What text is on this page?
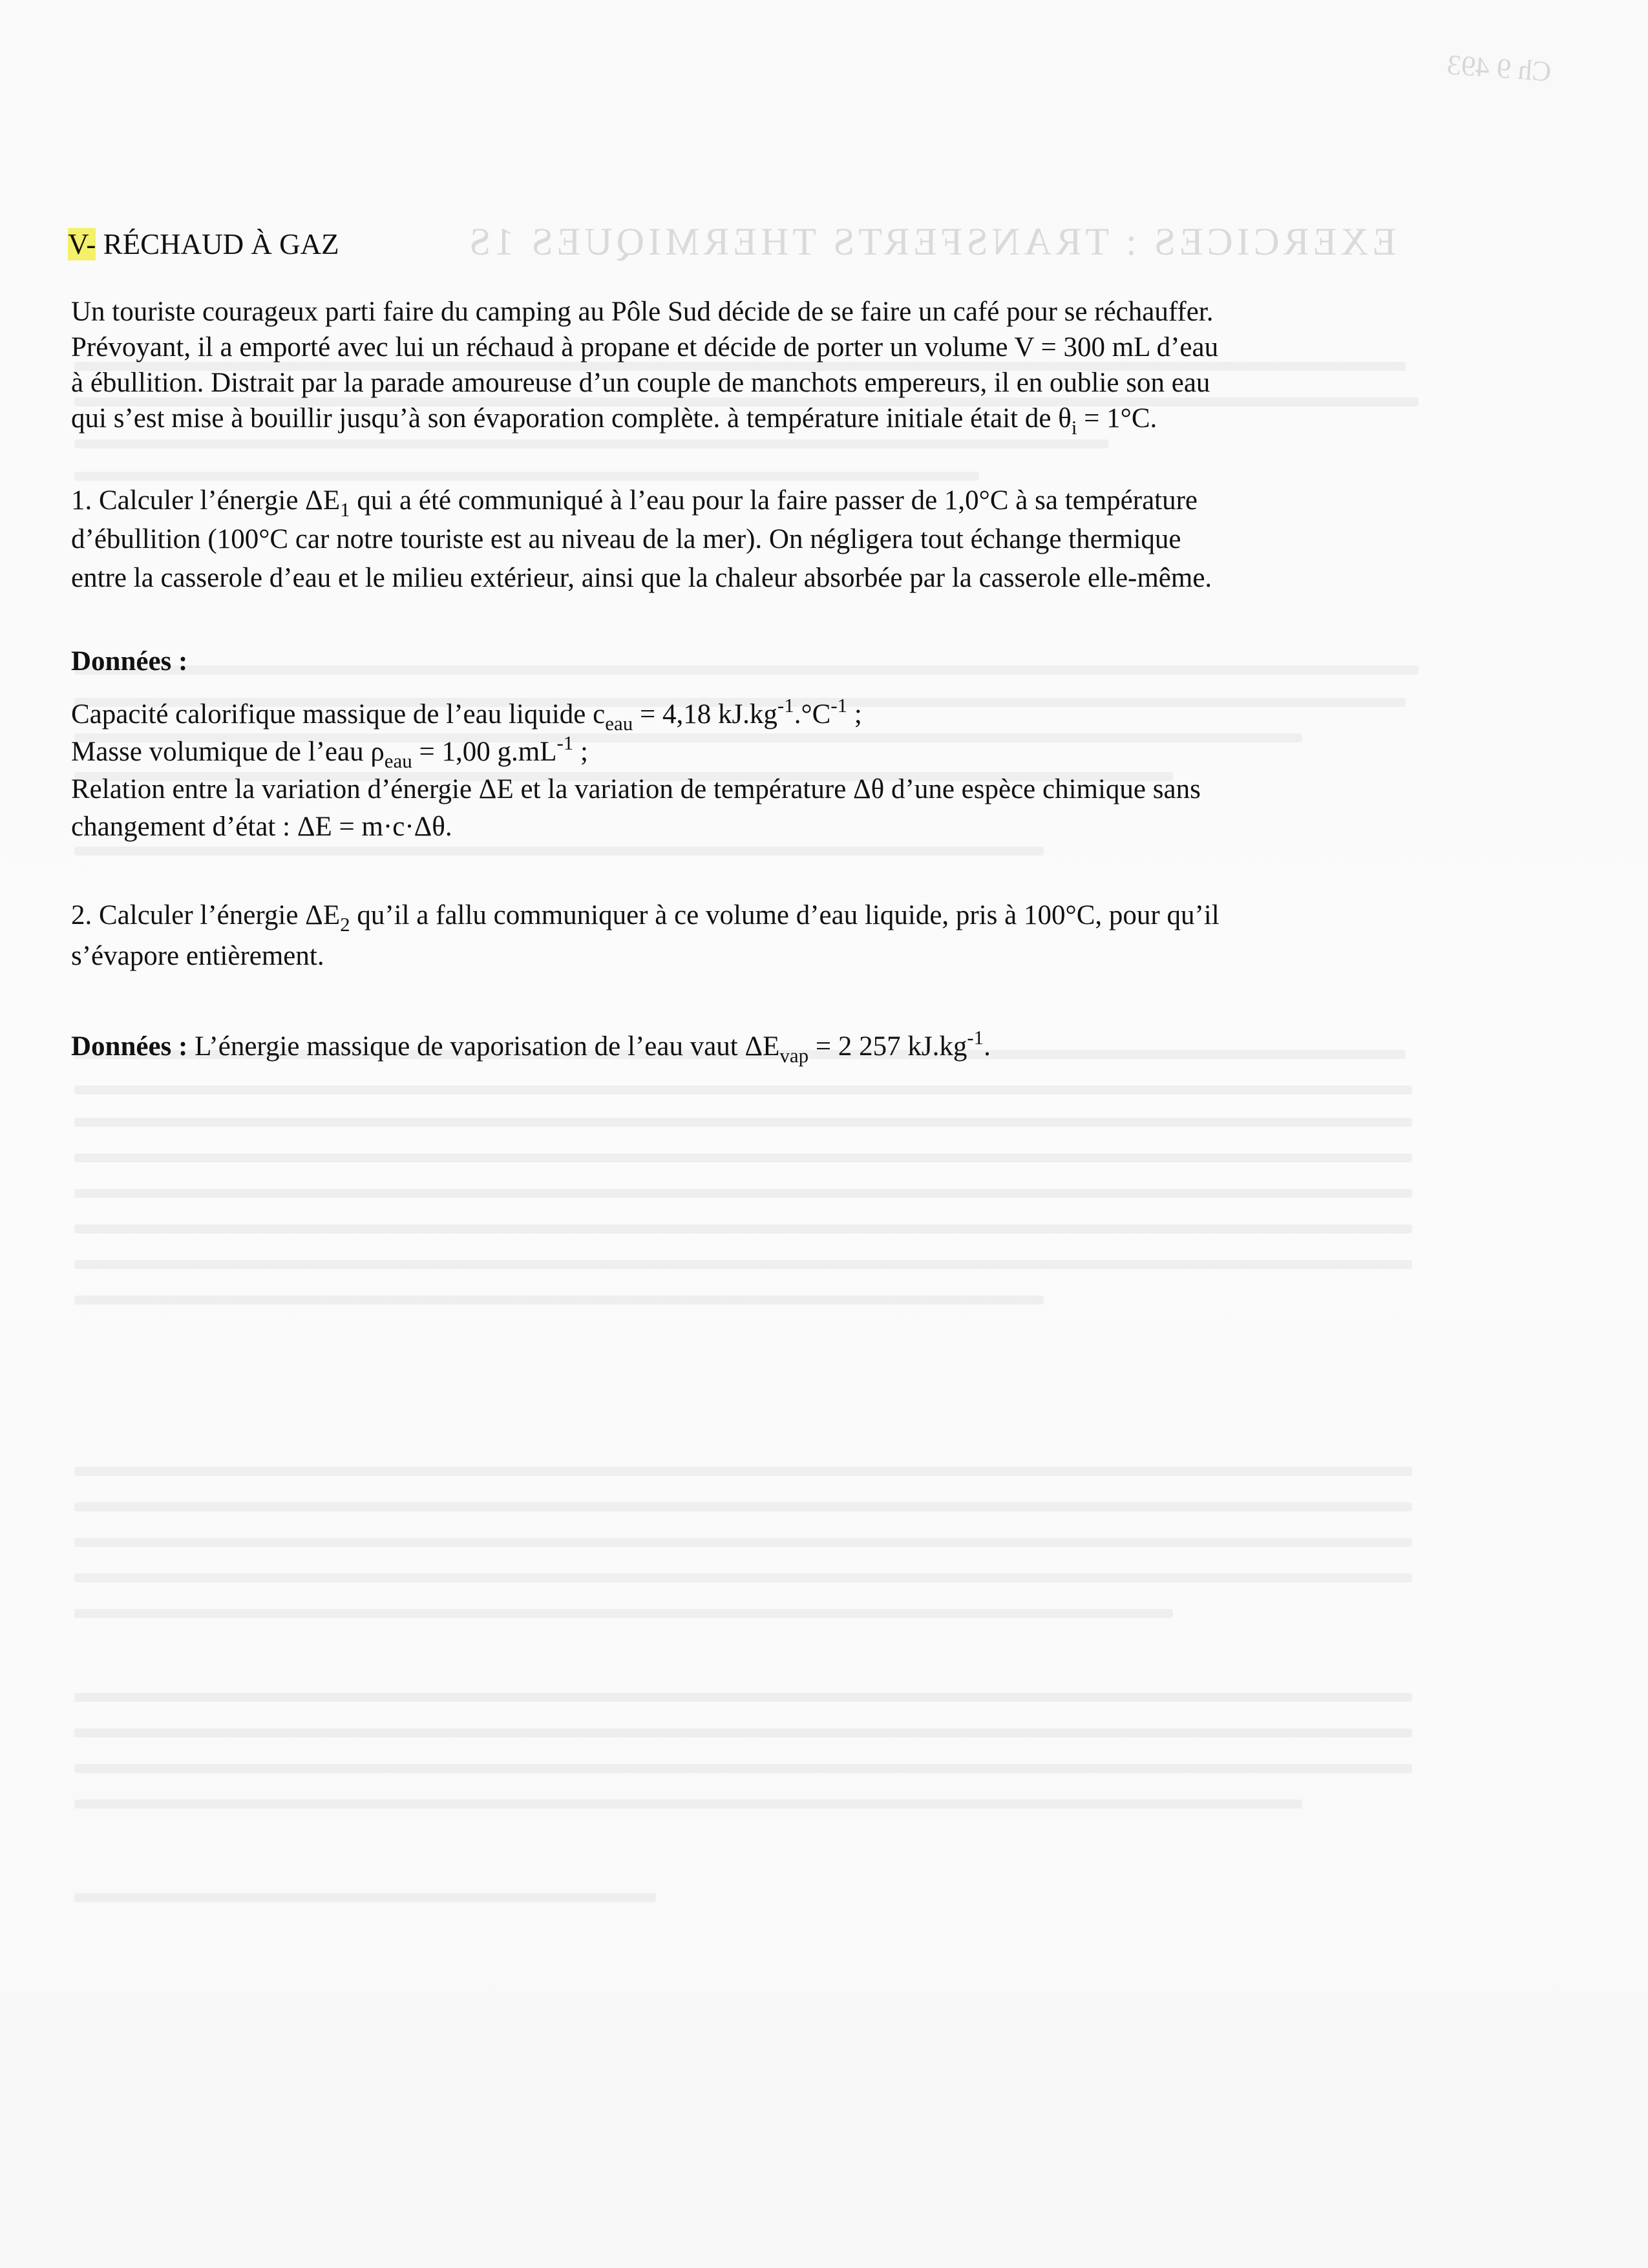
Ch 9 493
EXERCICES : TRANSFERTS THERMIQUES 1S
V- RÉCHAUD À GAZ
Un touriste courageux parti faire du camping au Pôle Sud décide de se faire un café pour se réchauffer.
Prévoyant, il a emporté avec lui un réchaud à propane et décide de porter un volume V = 300 mL d’eau
à ébullition. Distrait par la parade amoureuse d’un couple de manchots empereurs, il en oublie son eau
qui s’est mise à bouillir jusqu’à son évaporation complète. à température initiale était de $\theta_i = 1^\circ C$.
1. Calculer l’énergie $\Delta E_1$ qui a été communiqué à l’eau pour la faire passer de 1,0°C à sa température
d’ébullition (100°C car notre touriste est au niveau de la mer). On négligera tout échange thermique
entre la casserole d’eau et le milieu extérieur, ainsi que la chaleur absorbée par la casserole elle-même.
Données :
Capacité calorifique massique de l’eau liquide $c_{eau} = 4,18$ $kJ.kg^{-1}.^\circ C^{-1}$ ;
Masse volumique de l’eau $\rho_{eau} = 1,00$ $g.mL^{-1}$ ;
Relation entre la variation d’énergie ΔE et la variation de température Δθ d’une espèce chimique sans
changement d’état : ΔE = m·c·Δθ.
2. Calculer l’énergie $\Delta E_2$ qu’il a fallu communiquer à ce volume d’eau liquide, pris à 100°C, pour qu’il
s’évapore entièrement.
Données : L’énergie massique de vaporisation de l’eau vaut $\Delta E_{vap} = 2$ 257 $kJ.kg^{-1}$.
